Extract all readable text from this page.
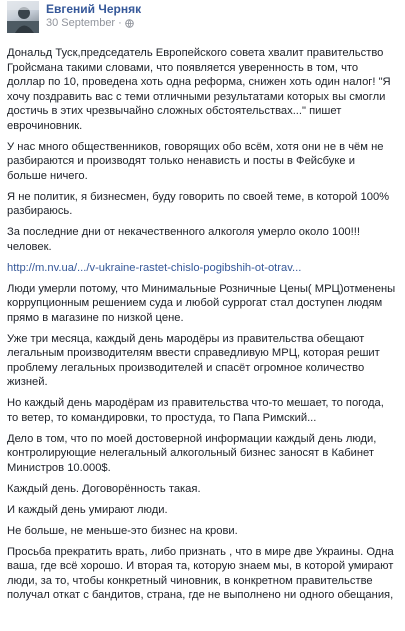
Евгений Черняк
30 September ·

Дональд Туск,председатель Европейского совета хвалит правительство Гройсмана такими словами, что появляется уверенность в том, что доллар по 10, проведена хоть одна реформа, снижен хоть один налог! "Я хочу поздравить вас с теми отличными результатами которых вы смогли достичь в этих чрезвычайно сложных обстоятельствах..." пишет еврочиновник.

У нас много общественников, говорящих обо всём, хотя они не в чём не разбираются и производят только ненависть и посты в Фейсбуке и больше ничего.

Я не политик, я бизнесмен, буду говорить по своей теме, в которой 100% разбираюсь.

За последние дни от некачественного алкоголя умерло около 100!!!человек.

http://m.nv.ua/.../v-ukraine-rastet-chislo-pogibshih-ot-otrav...

Люди умерли потому, что Минимальные Розничные Цены( МРЦ)отменены коррупционным решением суда и любой суррогат стал доступен людям прямо в магазине по низкой цене.

Уже три месяца, каждый день мародёры из правительства обещают легальным производителям ввести справедливую МРЦ, которая решит проблему легальных производителей и спасёт огромное количество жизней.

Но каждый день мародёрам из правительства что-то мешает, то погода, то ветер, то командировки, то простуда, то Папа Римский...

Дело в том, что по моей достоверной информации каждый день люди, контролирующие нелегальный алкогольный бизнес заносят в Кабинет Министров 10.000$.

Каждый день. Договорённость такая.

И каждый день умирают люди.

Не больше, не меньше-это бизнес на крови.

Просьба прекратить врать, либо признать , что в мире две Украины. Одна ваша, где всё хорошо. И вторая та, которую знаем мы, в которой умирают люди, за то, чтобы конкретный чиновник, в конкретном правительстве получал откат с бандитов, страна, где не выполнено ни одного обещания,
